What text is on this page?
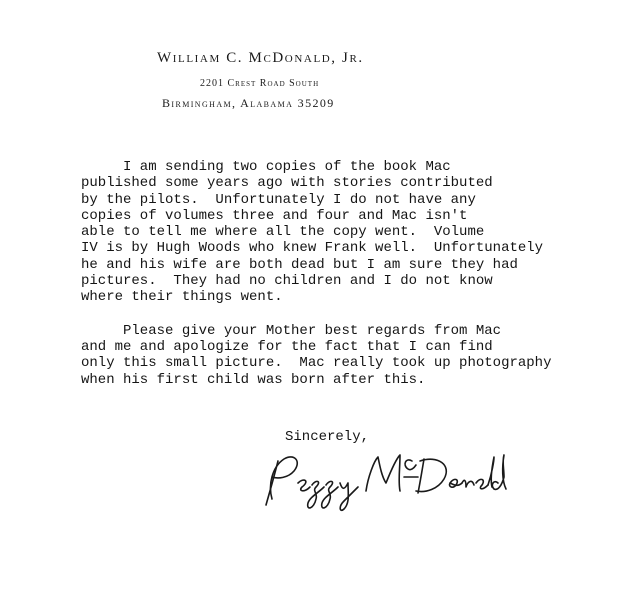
William C. McDonald, Jr.
2201 Crest Road South
Birmingham, Alabama 35209
I am sending two copies of the book Mac
published some years ago with stories contributed
by the pilots.  Unfortunately I do not have any
copies of volumes three and four and Mac isn't
able to tell me where all the copy went.  Volume
IV is by Hugh Woods who knew Frank well.  Unfortunately
he and his wife are both dead but I am sure they had
pictures.  They had no children and I do not know
where their things went.
Please give your Mother best regards from Mac
and me and apologize for the fact that I can find
only this small picture.  Mac really took up photography
when his first child was born after this.
Sincerely,
